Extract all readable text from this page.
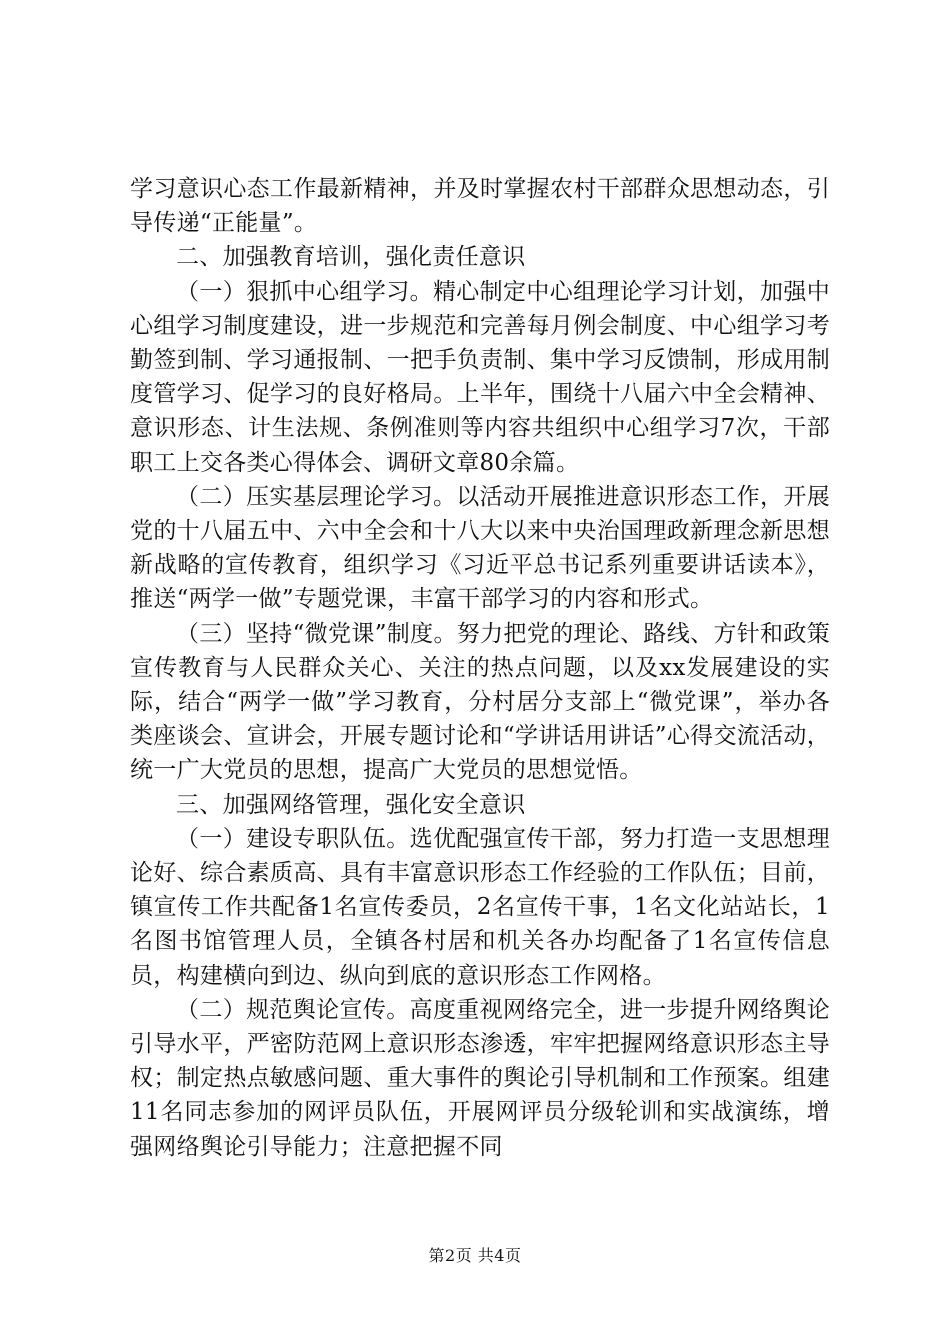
学习意识心态工作最新精神，并及时掌握农村干部群众思想动态，引导传递“正能量”。

二、加强教育培训，强化责任意识

（一）狠抓中心组学习。精心制定中心组理论学习计划，加强中心组学习制度建设，进一步规范和完善每月例会制度、中心组学习考勤签到制、学习通报制、一把手负责制、集中学习反馈制，形成用制度管学习、促学习的良好格局。上半年，围绕十八届六中全会精神、意识形态、计生法规、条例准则等内容共组织中心组学习7次，干部职工上交各类心得体会、调研文章80余篇。

（二）压实基层理论学习。以活动开展推进意识形态工作，开展党的十八届五中、六中全会和十八大以来中央治国理政新理念新思想新战略的宣传教育，组织学习《习近平总书记系列重要讲话读本》，推送“两学一做”专题党课，丰富干部学习的内容和形式。

（三）坚持“微党课”制度。努力把党的理论、路线、方针和政策宣传教育与人民群众关心、关注的热点问题，以及xx发展建设的实际，结合“两学一做”学习教育，分村居分支部上“微党课”，举办各类座谈会、宣讲会，开展专题讨论和“学讲话用讲话”心得交流活动，统一广大党员的思想，提高广大党员的思想觉悟。

三、加强网络管理，强化安全意识

（一）建设专职队伍。选优配强宣传干部，努力打造一支思想理论好、综合素质高、具有丰富意识形态工作经验的工作队伍；目前，镇宣传工作共配备1名宣传委员，2名宣传干事，1名文化站站长，1名图书馆管理人员，全镇各村居和机关各办均配备了1名宣传信息员，构建横向到边、纵向到底的意识形态工作网格。

（二）规范舆论宣传。高度重视网络完全，进一步提升网络舆论引导水平，严密防范网上意识形态渗透，牢牢把握网络意识形态主导权；制定热点敏感问题、重大事件的舆论引导机制和工作预案。组建11名同志参加的网评员队伍，开展网评员分级轮训和实战演练，增强网络舆论引导能力；注意把握不同

第2页 共4页
